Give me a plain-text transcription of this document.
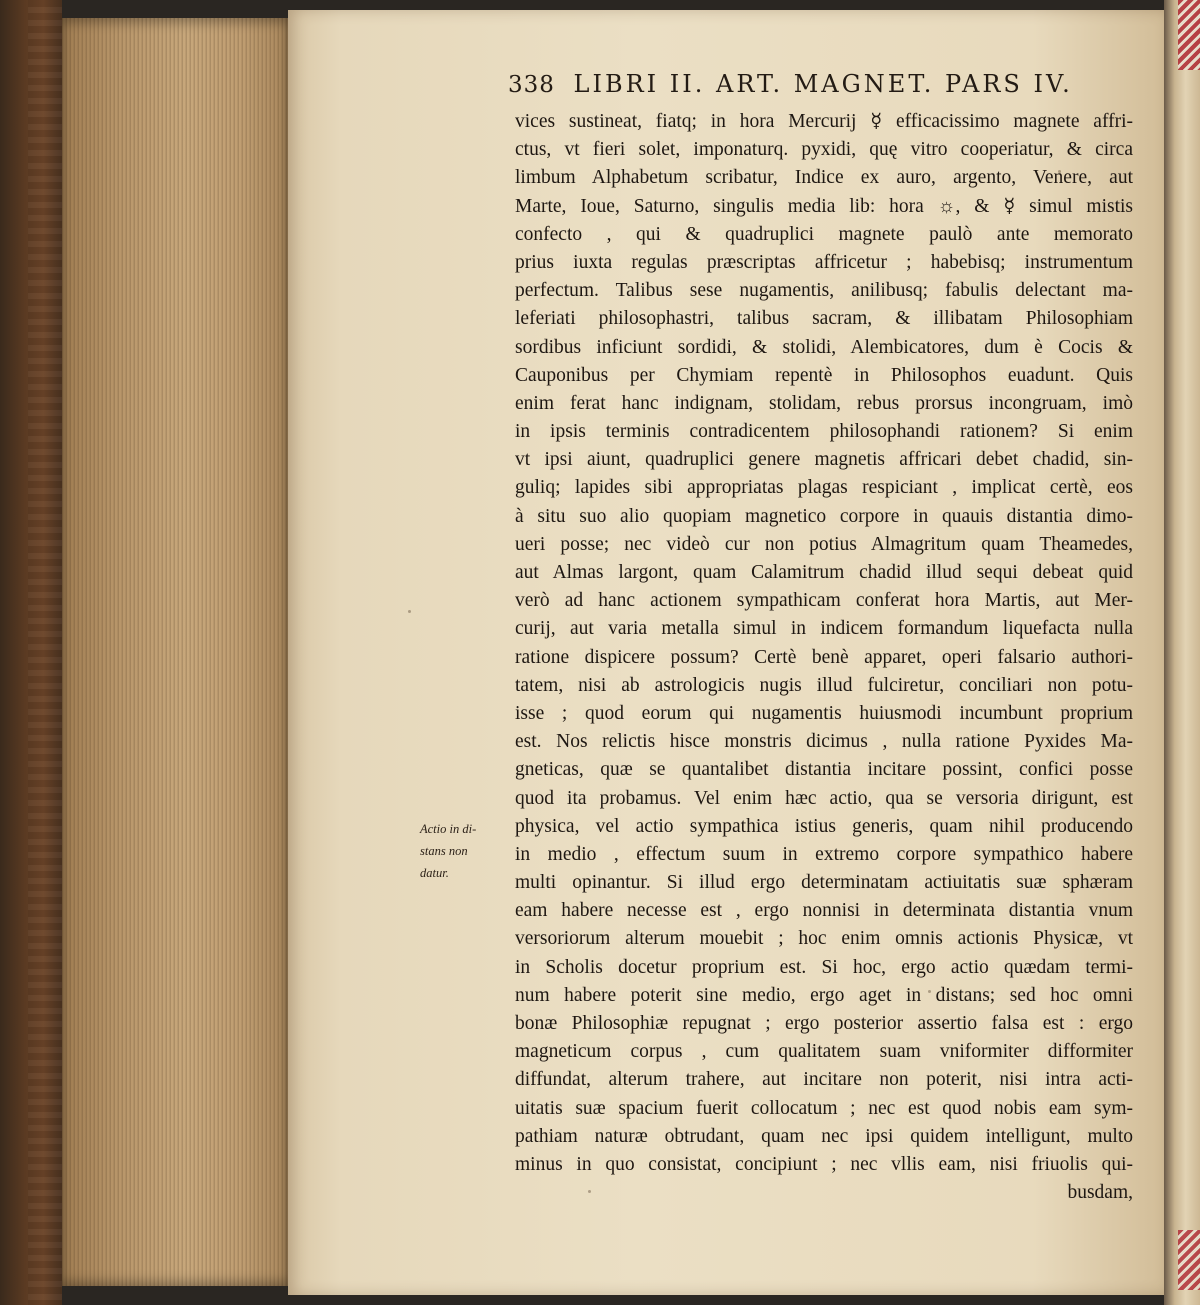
338 LIBRI II. ART. MAGNET. PARS IV.
vices sustineat, fiatq; in hora Mercurij ☿ efficacissimo magnete affri-
ctus, vt fieri solet, imponaturq. pyxidi, quę vitro cooperiatur, & circa
limbum Alphabetum scribatur, Indice ex auro, argento, Venere, aut
Marte, Ioue, Saturno, singulis media lib: hora ☼, & ☿ simul mistis
confecto , qui & quadruplici magnete paulò ante memorato
prius iuxta regulas præscriptas affricetur ; habebisq; instrumentum
perfectum. Talibus sese nugamentis, anilibusq; fabulis delectant ma-
leferiati philosophastri, talibus sacram, & illibatam Philosophiam
sordibus inficiunt sordidi, & stolidi, Alembicatores, dum è Cocis &
Cauponibus per Chymiam repentè in Philosophos euadunt. Quis
enim ferat hanc indignam, stolidam, rebus prorsus incongruam, imò
in ipsis terminis contradicentem philosophandi rationem? Si enim
vt ipsi aiunt, quadruplici genere magnetis affricari debet chadid, sin-
guliq; lapides sibi appropriatas plagas respiciant , implicat certè, eos
à situ suo alio quopiam magnetico corpore in quauis distantia dimo-
ueri posse; nec videò cur non potius Almagritum quam Theamedes,
aut Almas largont, quam Calamitrum chadid illud sequi debeat quid
verò ad hanc actionem sympathicam conferat hora Martis, aut Mer-
curij, aut varia metalla simul in indicem formandum liquefacta nulla
ratione dispicere possum? Certè benè apparet, operi falsario authori-
tatem, nisi ab astrologicis nugis illud fulciretur, conciliari non potu-
isse ; quod eorum qui nugamentis huiusmodi incumbunt proprium
est. Nos relictis hisce monstris dicimus , nulla ratione Pyxides Ma-
gneticas, quæ se quantalibet distantia incitare possint, confici posse
quod ita probamus. Vel enim hæc actio, qua se versoria dirigunt, est
physica, vel actio sympathica istius generis, quam nihil producendo
in medio , effectum suum in extremo corpore sympathico habere
multi opinantur. Si illud ergo determinatam actiuitatis suæ sphæram
eam habere necesse est , ergo nonnisi in determinata distantia vnum
versoriorum alterum mouebit ; hoc enim omnis actionis Physicæ, vt
in Scholis docetur proprium est. Si hoc, ergo actio quædam termi-
num habere poterit sine medio, ergo aget in distans; sed hoc omni
bonæ Philosophiæ repugnat ; ergo posterior assertio falsa est : ergo
magneticum corpus , cum qualitatem suam vniformiter difformiter
diffundat, alterum trahere, aut incitare non poterit, nisi intra acti-
uitatis suæ spacium fuerit collocatum ; nec est quod nobis eam sym-
pathiam naturæ obtrudant, quam nec ipsi quidem intelligunt, multo
minus in quo consistat, concipiunt ; nec vllis eam, nisi friuolis qui-
busdam,
Actio in di-
stans non
datur.
